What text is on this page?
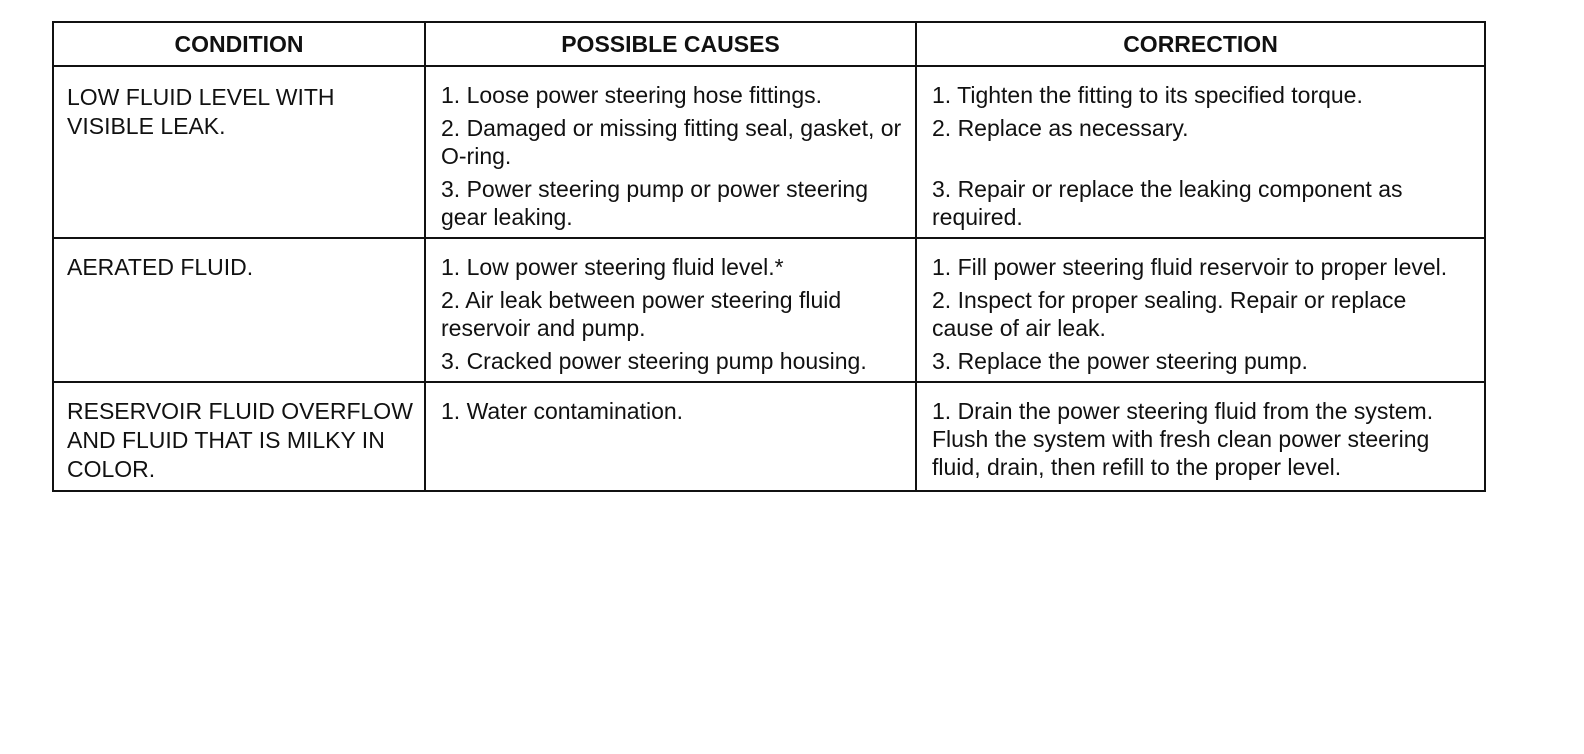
CONDITION	POSSIBLE CAUSES	CORRECTION
LOW FLUID LEVEL WITH VISIBLE LEAK.	1. Loose power steering hose fittings.	1. Tighten the fitting to its specified torque.
	2. Damaged or missing fitting seal, gasket, or O-ring.	2. Replace as necessary.
	3. Power steering pump or power steering gear leaking.	3. Repair or replace the leaking component as required.
AERATED FLUID.	1. Low power steering fluid level.*	1. Fill power steering fluid reservoir to proper level.
	2. Air leak between power steering fluid reservoir and pump.	2. Inspect for proper sealing. Repair or replace cause of air leak.
	3. Cracked power steering pump housing.	3. Replace the power steering pump.
RESERVOIR FLUID OVERFLOW AND FLUID THAT IS MILKY IN COLOR.	1. Water contamination.	1. Drain the power steering fluid from the system. Flush the system with fresh clean power steering fluid, drain, then refill to the proper level.
